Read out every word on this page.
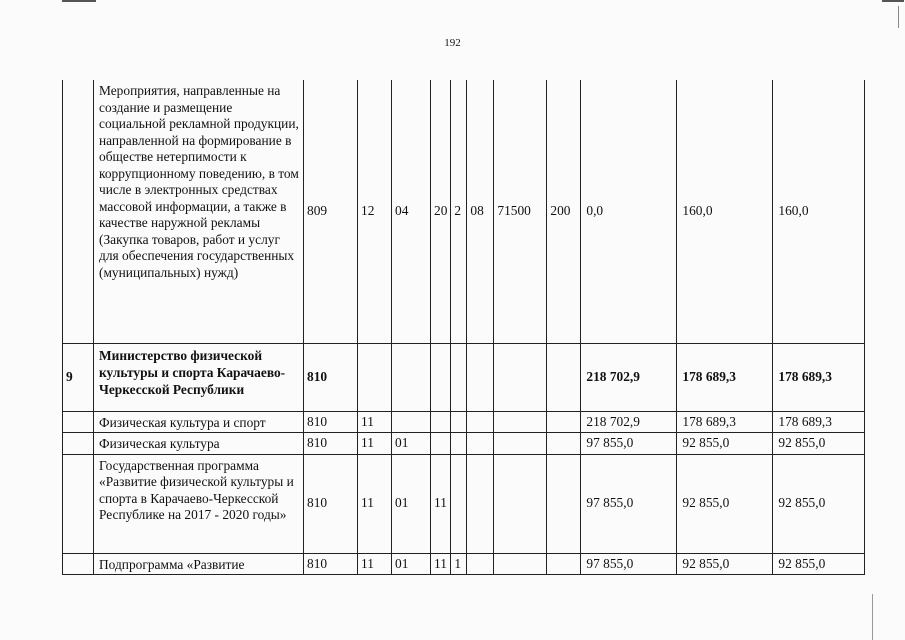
192
	Мероприятия, направленные на создание и размещение социальной рекламной продукции, направленной на формирование в обществе нетерпимости к коррупционному поведению, в том числе в электронных средствах массовой информации, а также в качестве наружной рекламы (Закупка товаров, работ и услуг для обеспечения государственных (муниципальных) нужд)	809	12	04	20	2	08	71500	200	0,0	160,0	160,0
9	Министерство физической культуры и спорта Карачаево-Черкесской Республики	810								218 702,9	178 689,3	178 689,3
	Физическая культура и спорт	810	11							218 702,9	178 689,3	178 689,3
	Физическая культура	810	11	01						97 855,0	92 855,0	92 855,0
	Государственная программа «Развитие физической культуры и спорта в Карачаево-Черкесской Республике на 2017 - 2020 годы»	810	11	01	11					97 855,0	92 855,0	92 855,0
	Подпрограмма «Развитие	810	11	01	11	1				97 855,0	92 855,0	92 855,0
